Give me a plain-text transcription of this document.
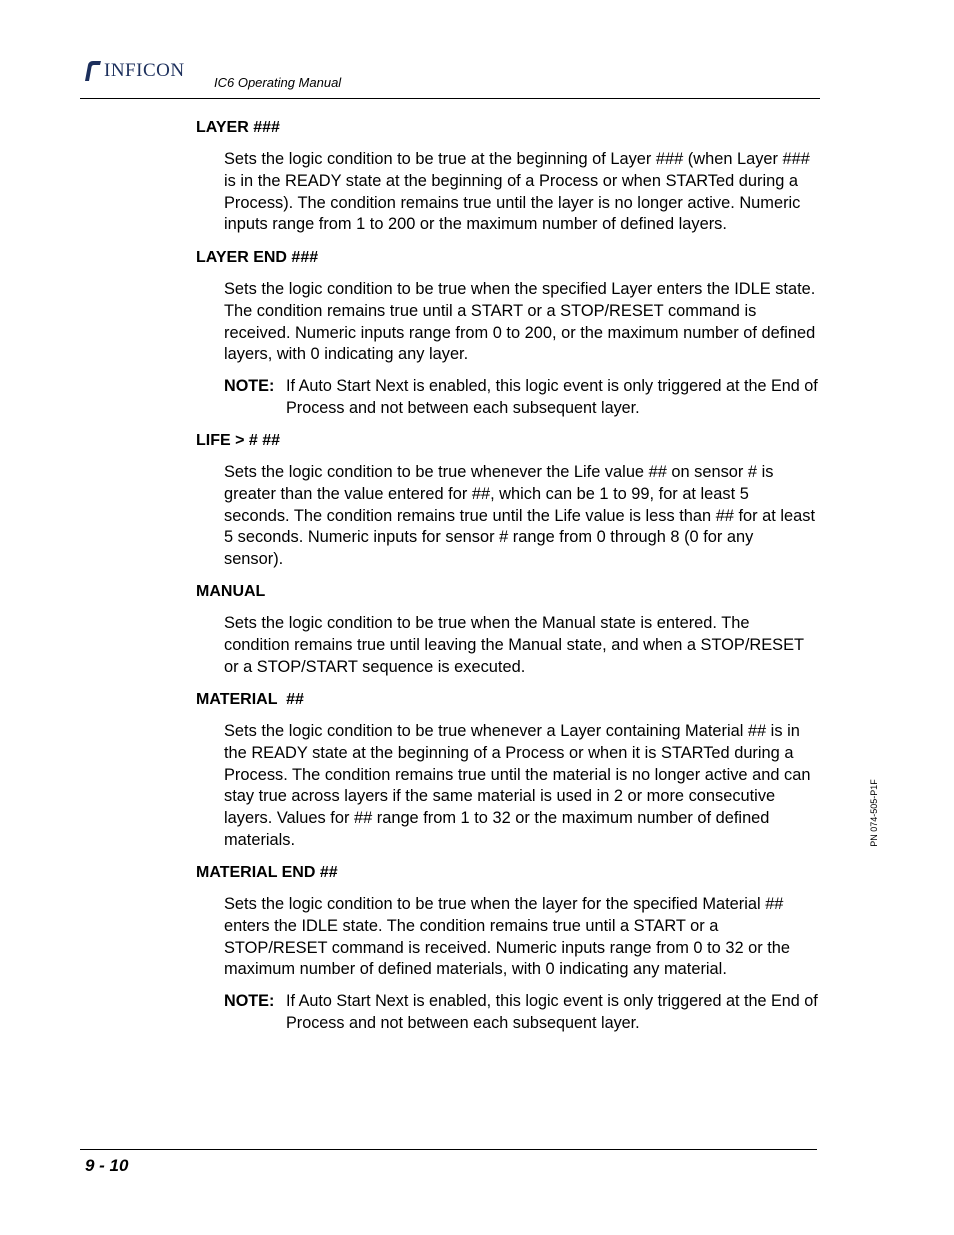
INFICON
IC6 Operating Manual
LAYER ###

Sets the logic condition to be true at the beginning of Layer ### (when Layer ### is in the READY state at the beginning of a Process or when STARTed during a Process). The condition remains true until the layer is no longer active. Numeric inputs range from 1 to 200 or the maximum number of defined layers.

LAYER END ###

Sets the logic condition to be true when the specified Layer enters the IDLE state. The condition remains true until a START or a STOP/RESET command is received. Numeric inputs range from 0 to 200, or the maximum number of defined layers, with 0 indicating any layer.

NOTE: If Auto Start Next is enabled, this logic event is only triggered at the End of Process and not between each subsequent layer.
LIFE > # ##

Sets the logic condition to be true whenever the Life value ## on sensor # is greater than the value entered for ##, which can be 1 to 99, for at least 5 seconds. The condition remains true until the Life value is less than ## for at least 5 seconds. Numeric inputs for sensor # range from 0 through 8 (0 for any sensor).

MANUAL

Sets the logic condition to be true when the Manual state is entered. The condition remains true until leaving the Manual state, and when a STOP/RESET or a STOP/START sequence is executed.

MATERIAL  ##

Sets the logic condition to be true whenever a Layer containing Material ## is in the READY state at the beginning of a Process or when it is STARTed during a Process. The condition remains true until the material is no longer active and can stay true across layers if the same material is used in 2 or more consecutive layers. Values for ## range from 1 to 32 or the maximum number of defined materials.

MATERIAL END ##

Sets the logic condition to be true when the layer for the specified Material ## enters the IDLE state. The condition remains true until a START or a STOP/RESET command is received. Numeric inputs range from 0 to 32 or the maximum number of defined materials, with 0 indicating any material.

NOTE: If Auto Start Next is enabled, this logic event is only triggered at the End of Process and not between each subsequent layer.
PN 074-505-P1F
9 - 10
